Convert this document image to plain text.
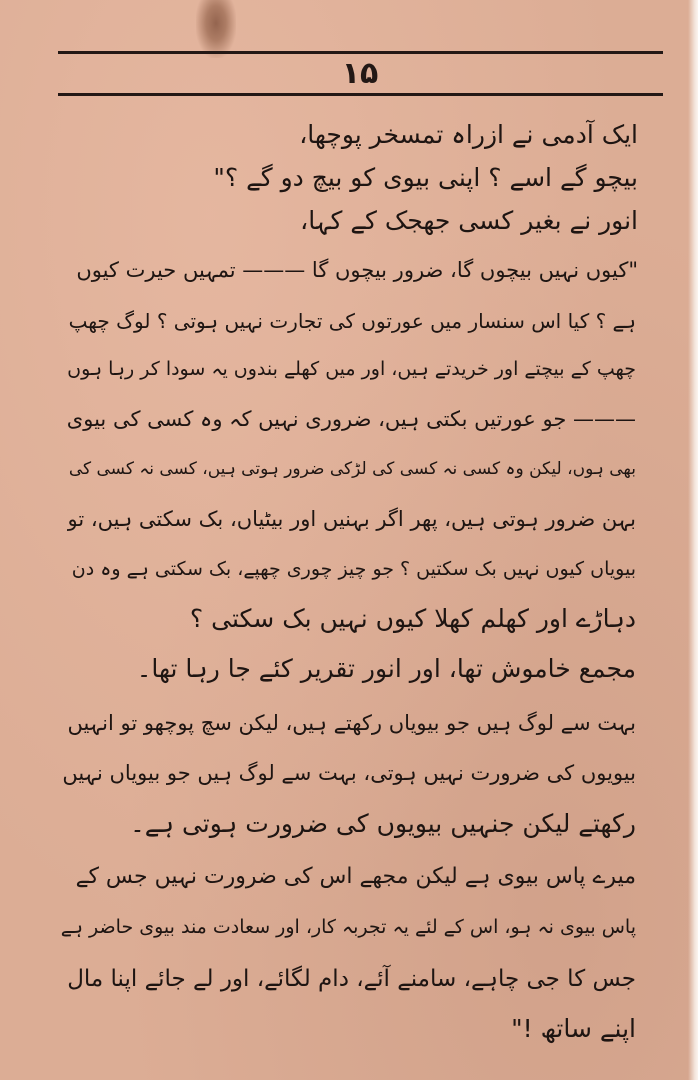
۱۵
ایک آدمی نے ازراہ تمسخر پوچھا،
بیچو گے اسے ؟ اپنی بیوی کو بیچ دو گے ؟"
انور نے بغیر کسی جھجک کے کہا،
"کیوں نہیں بیچوں گا، ضرور بیچوں گا ——— تمہیں حیرت کیوں
ہے ؟ کیا اس سنسار میں عورتوں کی تجارت نہیں ہوتی ؟ لوگ چھپ
چھپ کے بیچتے اور خریدتے ہیں، اور میں کھلے بندوں یہ سودا کر رہا ہوں
——— جو عورتیں بکتی ہیں، ضروری نہیں کہ وہ کسی کی بیوی
بھی ہوں، لیکن وہ کسی نہ کسی کی لڑکی ضرور ہوتی ہیں، کسی نہ کسی کی
بہن ضرور ہوتی ہیں، پھر اگر بہنیں اور بیٹیاں، بک سکتی ہیں، تو
بیویاں کیوں نہیں بک سکتیں ؟ جو چیز چوری چھپے، بک سکتی ہے وہ دن
دہاڑے اور کھلم کھلا کیوں نہیں بک سکتی ؟
مجمع خاموش تھا، اور انور تقریر کئے جا رہا تھا۔
بہت سے لوگ ہیں جو بیویاں رکھتے ہیں، لیکن سچ پوچھو تو انہیں
بیویوں کی ضرورت نہیں ہوتی، بہت سے لوگ ہیں جو بیویاں نہیں
رکھتے لیکن جنہیں بیویوں کی ضرورت ہوتی ہے۔
میرے پاس بیوی ہے لیکن مجھے اس کی ضرورت نہیں جس کے
پاس بیوی نہ ہو، اس کے لئے یہ تجربہ کار، اور سعادت مند بیوی حاضر ہے
جس کا جی چاہے، سامنے آئے، دام لگائے، اور لے جائے اپنا مال
اپنے ساتھ !"
